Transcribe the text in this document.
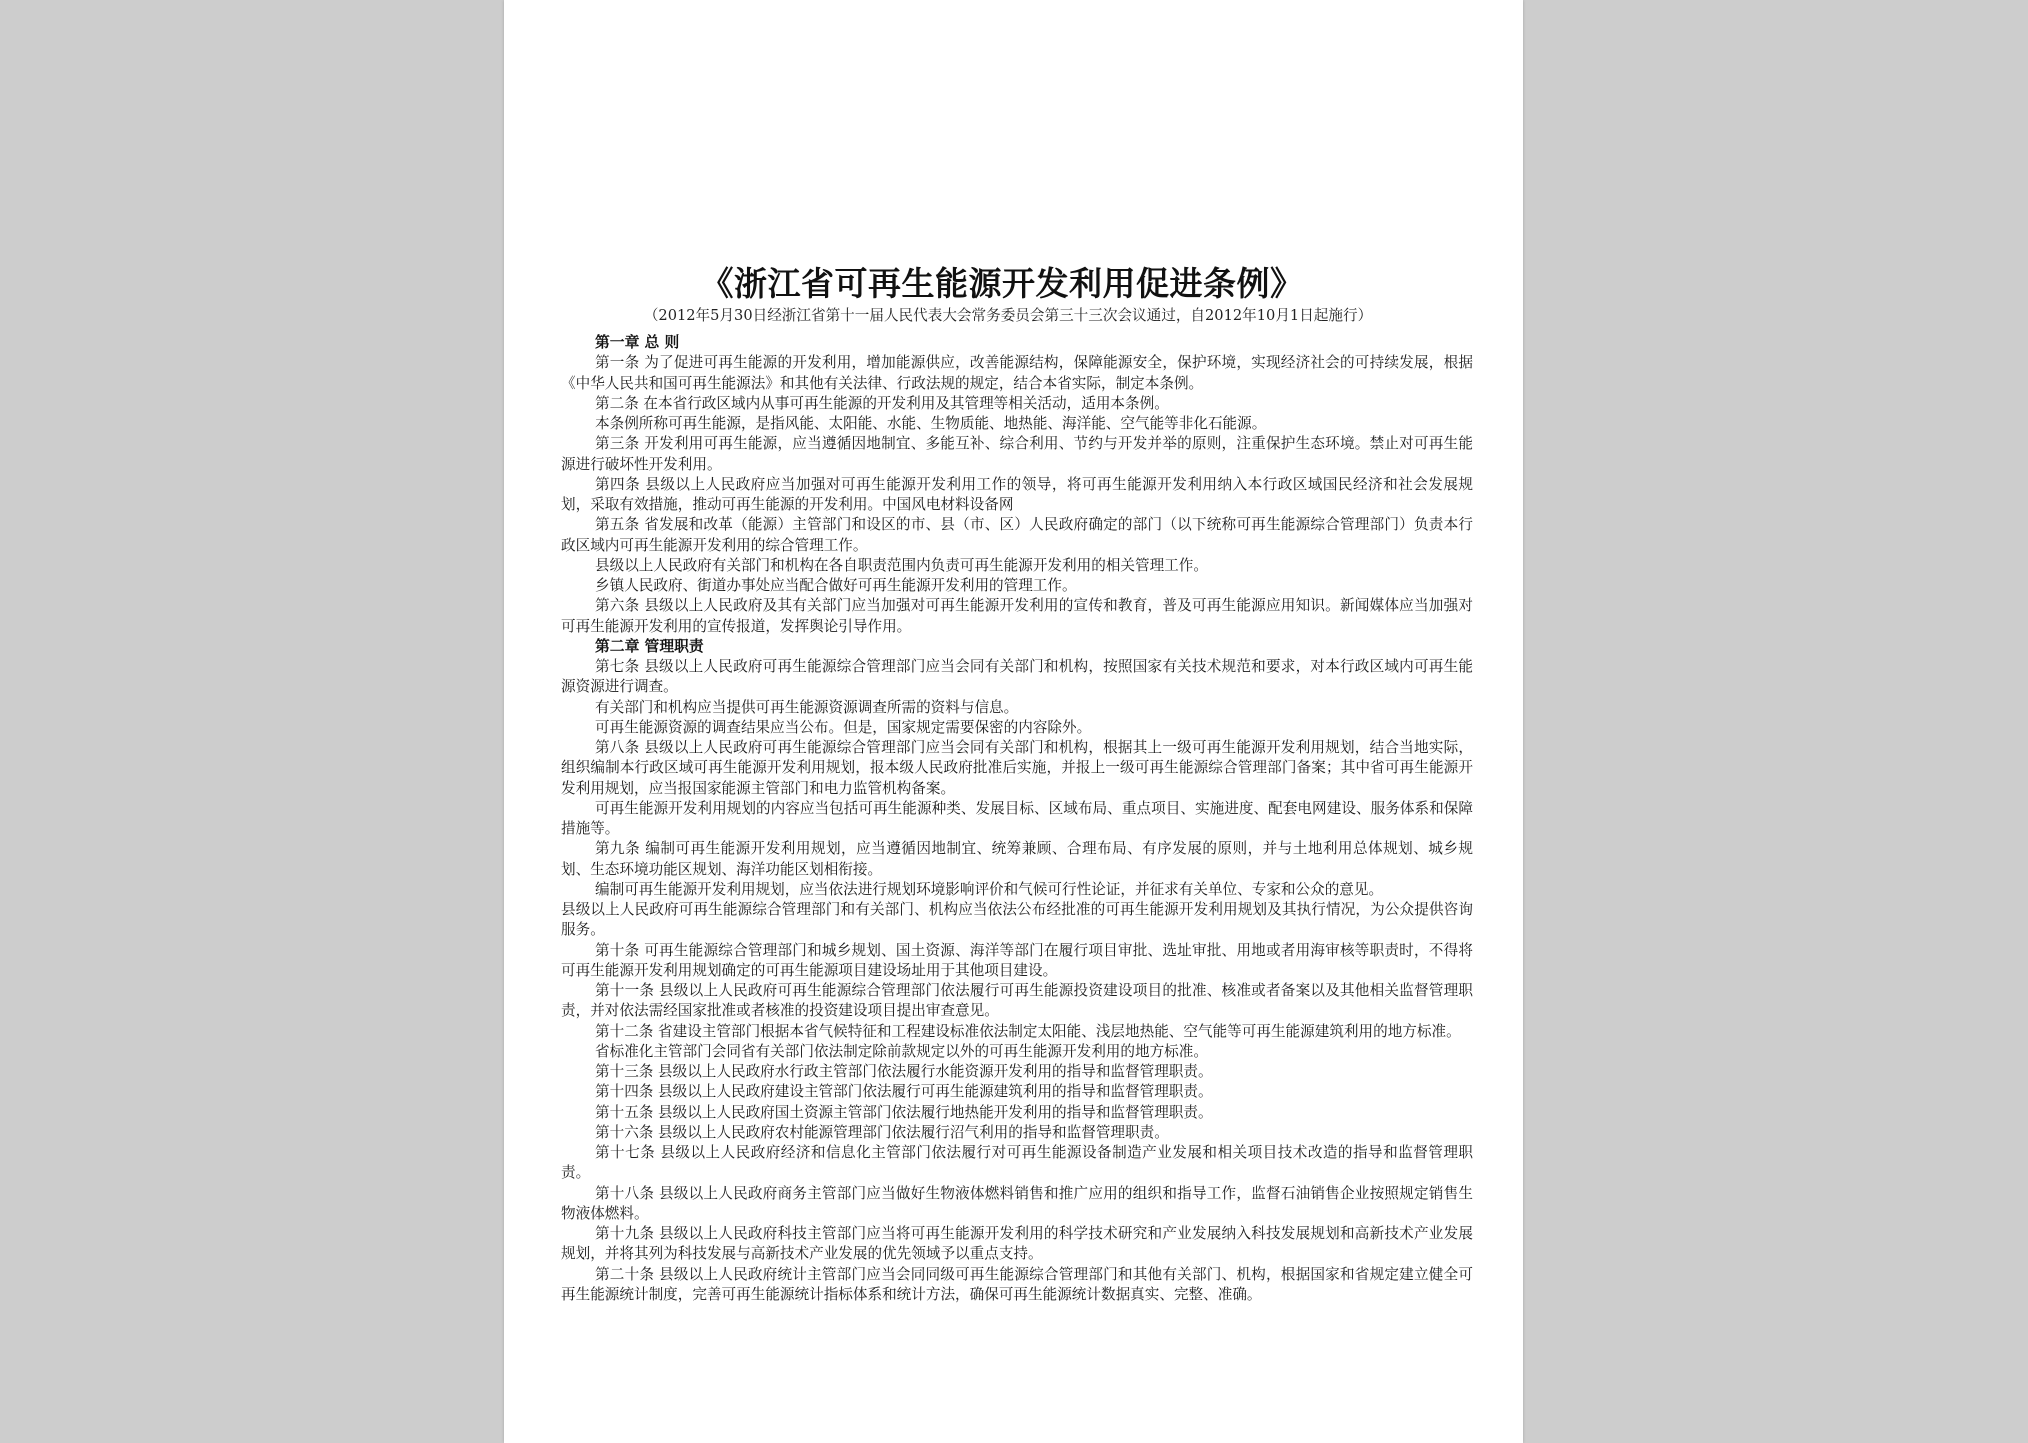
《浙江省可再生能源开发利用促进条例》
（2012年5月30日经浙江省第十一届人民代表大会常务委员会第三十三次会议通过，自2012年10月1日起施行）

第一章 总 则

第一条 为了促进可再生能源的开发利用，增加能源供应，改善能源结构，保障能源安全，保护环境，实现经济社会的可持续发展，根据《中华人民共和国可再生能源法》和其他有关法律、行政法规的规定，结合本省实际，制定本条例。

第二条 在本省行政区域内从事可再生能源的开发利用及其管理等相关活动，适用本条例。

本条例所称可再生能源，是指风能、太阳能、水能、生物质能、地热能、海洋能、空气能等非化石能源。

第三条 开发利用可再生能源，应当遵循因地制宜、多能互补、综合利用、节约与开发并举的原则，注重保护生态环境。禁止对可再生能源进行破坏性开发利用。

第四条 县级以上人民政府应当加强对可再生能源开发利用工作的领导，将可再生能源开发利用纳入本行政区域国民经济和社会发展规划，采取有效措施，推动可再生能源的开发利用。中国风电材料设备网

第五条 省发展和改革（能源）主管部门和设区的市、县（市、区）人民政府确定的部门（以下统称可再生能源综合管理部门）负责本行政区域内可再生能源开发利用的综合管理工作。

县级以上人民政府有关部门和机构在各自职责范围内负责可再生能源开发利用的相关管理工作。

乡镇人民政府、街道办事处应当配合做好可再生能源开发利用的管理工作。

第六条 县级以上人民政府及其有关部门应当加强对可再生能源开发利用的宣传和教育，普及可再生能源应用知识。新闻媒体应当加强对可再生能源开发利用的宣传报道，发挥舆论引导作用。

第二章 管理职责

第七条 县级以上人民政府可再生能源综合管理部门应当会同有关部门和机构，按照国家有关技术规范和要求，对本行政区域内可再生能源资源进行调查。

有关部门和机构应当提供可再生能源资源调查所需的资料与信息。

可再生能源资源的调查结果应当公布。但是，国家规定需要保密的内容除外。

第八条 县级以上人民政府可再生能源综合管理部门应当会同有关部门和机构，根据其上一级可再生能源开发利用规划，结合当地实际，组织编制本行政区域可再生能源开发利用规划，报本级人民政府批准后实施，并报上一级可再生能源综合管理部门备案；其中省可再生能源开发利用规划，应当报国家能源主管部门和电力监管机构备案。

可再生能源开发利用规划的内容应当包括可再生能源种类、发展目标、区域布局、重点项目、实施进度、配套电网建设、服务体系和保障措施等。

第九条 编制可再生能源开发利用规划，应当遵循因地制宜、统筹兼顾、合理布局、有序发展的原则，并与土地利用总体规划、城乡规划、生态环境功能区规划、海洋功能区划相衔接。

编制可再生能源开发利用规划，应当依法进行规划环境影响评价和气候可行性论证，并征求有关单位、专家和公众的意见。

县级以上人民政府可再生能源综合管理部门和有关部门、机构应当依法公布经批准的可再生能源开发利用规划及其执行情况，为公众提供咨询服务。

第十条 可再生能源综合管理部门和城乡规划、国土资源、海洋等部门在履行项目审批、选址审批、用地或者用海审核等职责时，不得将可再生能源开发利用规划确定的可再生能源项目建设场址用于其他项目建设。

第十一条 县级以上人民政府可再生能源综合管理部门依法履行可再生能源投资建设项目的批准、核准或者备案以及其他相关监督管理职责，并对依法需经国家批准或者核准的投资建设项目提出审查意见。

第十二条 省建设主管部门根据本省气候特征和工程建设标准依法制定太阳能、浅层地热能、空气能等可再生能源建筑利用的地方标准。

省标准化主管部门会同省有关部门依法制定除前款规定以外的可再生能源开发利用的地方标准。

第十三条 县级以上人民政府水行政主管部门依法履行水能资源开发利用的指导和监督管理职责。

第十四条 县级以上人民政府建设主管部门依法履行可再生能源建筑利用的指导和监督管理职责。

第十五条 县级以上人民政府国土资源主管部门依法履行地热能开发利用的指导和监督管理职责。

第十六条 县级以上人民政府农村能源管理部门依法履行沼气利用的指导和监督管理职责。

第十七条 县级以上人民政府经济和信息化主管部门依法履行对可再生能源设备制造产业发展和相关项目技术改造的指导和监督管理职责。

第十八条 县级以上人民政府商务主管部门应当做好生物液体燃料销售和推广应用的组织和指导工作，监督石油销售企业按照规定销售生物液体燃料。

第十九条 县级以上人民政府科技主管部门应当将可再生能源开发利用的科学技术研究和产业发展纳入科技发展规划和高新技术产业发展规划，并将其列为科技发展与高新技术产业发展的优先领域予以重点支持。

第二十条 县级以上人民政府统计主管部门应当会同同级可再生能源综合管理部门和其他有关部门、机构，根据国家和省规定建立健全可再生能源统计制度，完善可再生能源统计指标体系和统计方法，确保可再生能源统计数据真实、完整、准确。
